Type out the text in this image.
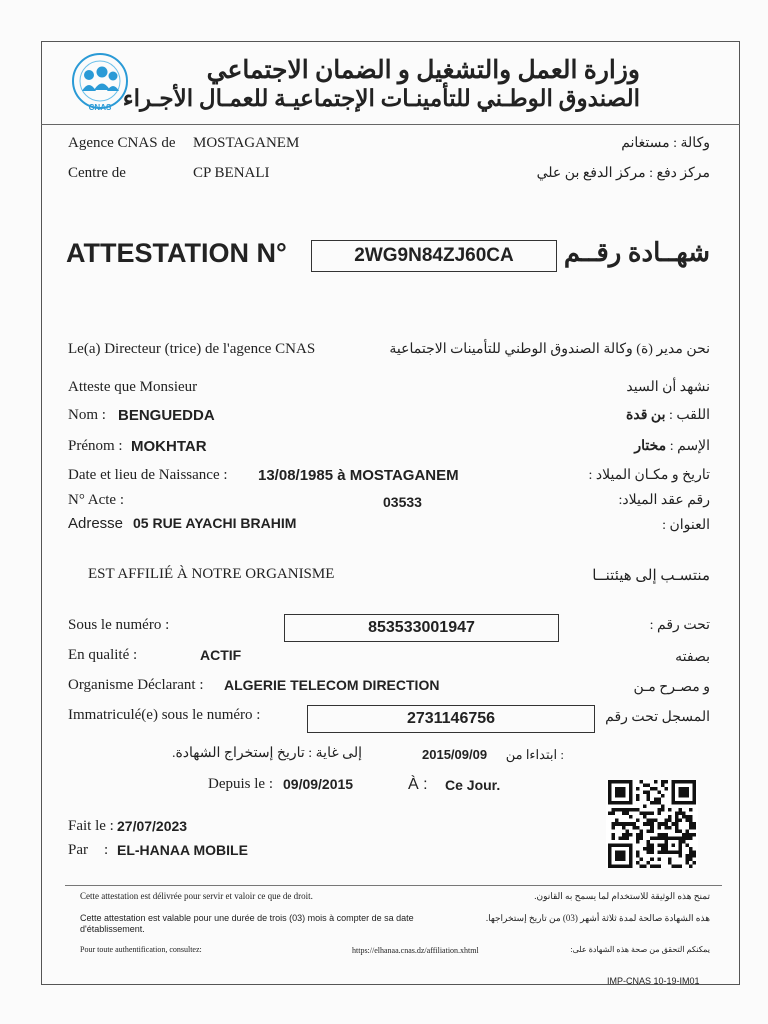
CNAS
وزارة العمل والتشغيل و الضمان الاجتماعي
الصندوق الوطـني للتأمينـات الإجتماعيـة للعمـال الأجـراء
Agence CNAS de MOSTAGANEM	وكالة : مستغانم
Centre de	CP BENALI	مركز دفع : مركز الدفع بن علي
ATTESTATION N°	2WG9N84ZJ60CA شهــادة رقــم
Le(a) Directeur (trice) de l'agence CNAS	نحن مدير (ة) وكالة الصندوق الوطني للتأمينات الاجتماعية
Atteste que Monsieur	نشهد أن السيد
Nom : BENGUEDDA	اللقب : بن قدة
Prénom : MOKHTAR	الإسم : مختار
Date et lieu de Naissance : 13/08/1985 à MOSTAGANEM	تاريخ و مكـان الميلاد :
N° Acte :	03533	رقم عقد الميلاد:
Adresse 05 RUE AYACHI BRAHIM	العنوان :
EST AFFILIÉ À NOTRE ORGANISME	منتسـب إلى هيئتنــا
Sous le numéro :	853533001947	تحت رقم :
En qualité :	ACTIF	بصفته
Organisme Déclarant : ALGERIE TELECOM DIRECTION	و مصـرح مـن
Immatriculé(e) sous le numéro :	2731146756	المسجل تحت رقم
إلى غاية : تاريخ إستخراج الشهادة.	2015/09/09 : ابتداءا من
Depuis le : 09/09/2015	À : Ce Jour.
Fait le : 27/07/2023
Par : EL-HANAA MOBILE
Cette attestation est délivrée pour servir et valoir ce que de droit.	تمنح هذه الوثيقة للاستخدام لما يسمح به القانون.
Cette attestation est valable pour une durée de trois (03) mois à compter de sa date
d'établissement.
هذه الشهادة صالحة لمدة ثلاثة أشهر (03) من تاريخ إستخراجها.
Pour toute authentification, consultez:	https://elhanaa.cnas.dz/affiliation.xhtml	يمكنكم التحقق من صحة هذه الشهادة على:
IMP-CNAS 10-19-IM01
